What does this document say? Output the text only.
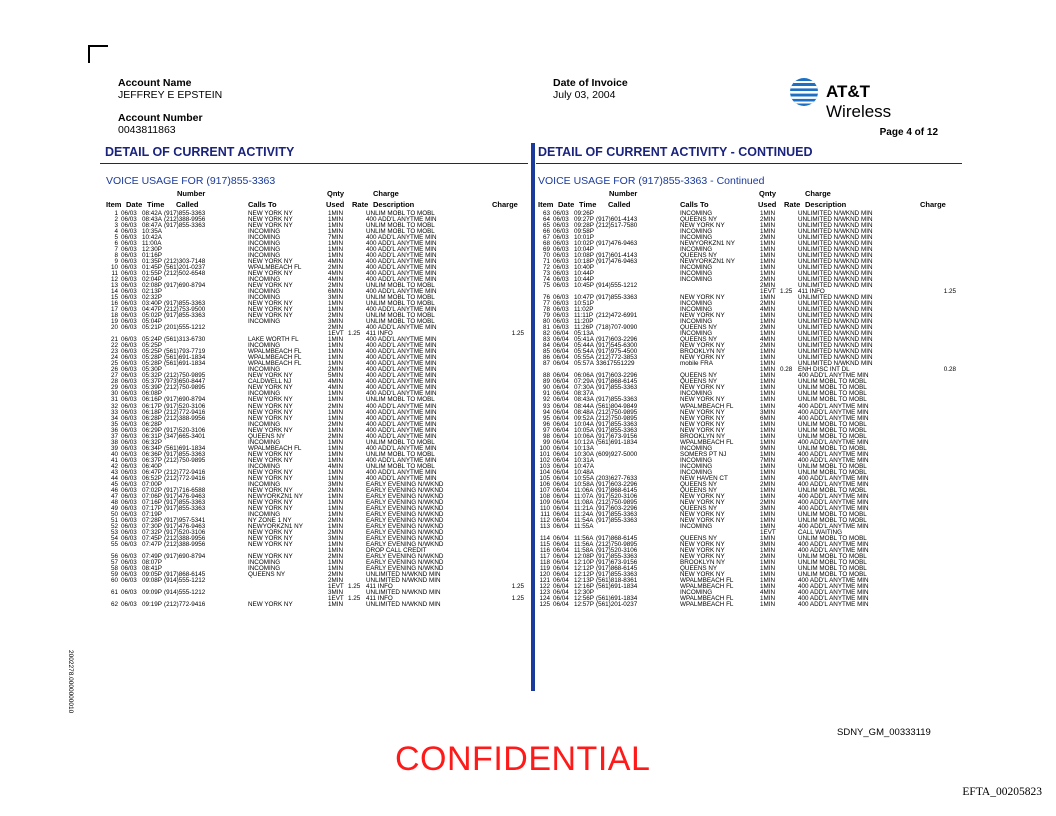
Account Name
JEFFREY E EPSTEIN
Account Number
0043811863
Date of Invoice
July 03, 2004	AT&T Wireless
Page 4 of 12
DETAIL OF CURRENT ACTIVITY	DETAIL OF CURRENT ACTIVITY - CONTINUED
VOICE USAGE FOR (917)855-3363	VOICE USAGE FOR (917)855-3363 - Continued
Number	Qnty	Charge
Item Date Time Called	Calls To	Used Rate Description	Charge
Number	Qnty	Charge
Item Date Time Called	Calls To	Used Rate Description	Charge
1 06/03 08:42A (917)855-3363	NEW YORK NY	1MIN	UNLIM MOBL TO MOBL
2 06/03 08:43A (212)388-9956	NEW YORK NY	1MIN	400 ADD'L ANYTME MIN
3 06/03 08:47A (917)855-3363	NEW YORK NY	1MIN	UNLIM MOBL TO MOBL
4 06/03 10:35A	INCOMING	1MIN	UNLIM MOBL TO MOBL
5 06/03 10:42A	INCOMING	7MIN	400 ADD'L ANYTME MIN
6 06/03 11:00A	INCOMING	1MIN	400 ADD'L ANYTME MIN
7 06/03 12:30P	INCOMING	1MIN	400 ADD'L ANYTME MIN
8 06/03 01:16P	INCOMING	1MIN	400 ADD'L ANYTME MIN
9 06/03 01:35P (212)303-7148	NEW YORK NY	4MIN	400 ADD'L ANYTME MIN
10 06/03 01:45P (561)201-0237	WPALMBEACH FL	2MIN	400 ADD'L ANYTME MIN
11 06/03 01:55P (212)502-6548	NEW YORK NY	4MIN	400 ADD'L ANYTME MIN
12 06/03 02:04P	INCOMING	4MIN	400 ADD'L ANYTME MIN
13 06/03 02:08P (917)690-8794	NEW YORK NY	2MIN	UNLIM MOBL TO MOBL
14 06/03 02:13P	INCOMING	6MIN	400 ADD'L ANYTME MIN
15 06/03 02:32P	INCOMING	3MIN	UNLIM MOBL TO MOBL
16 06/03 03:40P (917)855-3363	NEW YORK NY	1MIN	UNLIM MOBL TO MOBL
17 06/03 04:47P (212)753-9500	NEW YORK NY	1MIN	400 ADD'L ANYTME MIN
18 06/03 05:02P (917)855-3363	NEW YORK NY	2MIN	UNLIM MOBL TO MOBL
19 06/03 05:04P	INCOMING	3MIN	UNLIM MOBL TO MOBL
20 06/03 05:21P (201)555-1212	2MIN	400 ADD'L ANYTME MIN
1EVT 1.25 411 INFO	1.25
21 06/03 05:24P (561)313-6730	LAKE WORTH FL	1MIN	400 ADD'L ANYTME MIN
22 06/03 05:25P	INCOMING	1MIN	400 ADD'L ANYTME MIN
23 06/03 05:25P (561)793-7719	WPALMBEACH FL	1MIN	400 ADD'L ANYTME MIN
24 06/03 05:28P (561)691-1834	WPALMBEACH FL	1MIN	400 ADD'L ANYTME MIN
25 06/03 05:28P (561)691-1834	WPALMBEACH FL	1MIN	400 ADD'L ANYTME MIN
26 06/03 05:30P	INCOMING	2MIN	400 ADD'L ANYTME MIN
27 06/03 05:32P (212)750-9895	NEW YORK NY	5MIN	400 ADD'L ANYTME MIN
28 06/03 05:37P (973)650-8447	CALDWELL NJ	4MIN	400 ADD'L ANYTME MIN
29 06/03 05:39P (212)750-9895	NEW YORK NY	4MIN	400 ADD'L ANYTME MIN
30 06/03 06:08P	INCOMING	1MIN	400 ADD'L ANYTME MIN
31 06/03 06:16P (917)690-8794	NEW YORK NY	1MIN	UNLIM MOBL TO MOBL
32 06/03 06:17P (917)520-3106	NEW YORK NY	2MIN	400 ADD'L ANYTME MIN
33 06/03 06:18P (212)772-9416	NEW YORK NY	1MIN	400 ADD'L ANYTME MIN
34 06/03 06:28P (212)388-9956	NEW YORK NY	1MIN	400 ADD'L ANYTME MIN
35 06/03 06:28P	INCOMING	2MIN	400 ADD'L ANYTME MIN
36 06/03 06:29P (917)520-3106	NEW YORK NY	1MIN	400 ADD'L ANYTME MIN
37 06/03 06:31P (347)665-3401	QUEENS NY	2MIN	400 ADD'L ANYTME MIN
38 06/03 06:32P	INCOMING	1MIN	UNLIM MOBL TO MOBL
39 06/03 06:34P (561)691-1834	WPALMBEACH FL	1MIN	400 ADD'L ANYTME MIN
40 06/03 06:36P (917)855-3363	NEW YORK NY	1MIN	UNLIM MOBL TO MOBL
41 06/03 06:37P (212)750-9895	NEW YORK NY	1MIN	400 ADD'L ANYTME MIN
42 06/03 06:40P	INCOMING	4MIN	UNLIM MOBL TO MOBL
43 06/03 06:47P (212)772-9416	NEW YORK NY	1MIN	400 ADD'L ANYTME MIN
44 06/03 06:52P (212)772-9416	NEW YORK NY	1MIN	400 ADD'L ANYTME MIN
45 06/03 07:00P	INCOMING	3MIN	EARLY EVENING N/WKND
46 06/03 07:02P (917)716-6588	NEW YORK NY	2MIN	EARLY EVENING N/WKND
47 06/03 07:06P (917)476-9463	NEWYORKZN1 NY	1MIN	EARLY EVENING N/WKND
48 06/03 07:16P (917)855-3363	NEW YORK NY	1MIN	EARLY EVENING N/WKND
49 06/03 07:17P (917)855-3363	NEW YORK NY	1MIN	EARLY EVENING N/WKND
50 06/03 07:19P	INCOMING	1MIN	EARLY EVENING N/WKND
51 06/03 07:28P (917)957-5341	NY ZONE 1 NY	2MIN	EARLY EVENING N/WKND
52 06/03 07:30P (917)476-9463	NEWYORKZN1 NY	1MIN	EARLY EVENING N/WKND
53 06/03 07:32P (917)520-3106	NEW YORK NY	2MIN	EARLY EVENING N/WKND
54 06/03 07:45P (212)388-9956	NEW YORK NY	3MIN	EARLY EVENING N/WKND
55 06/03 07:47P (212)388-9956	NEW YORK NY	1MIN	EARLY EVENING N/WKND
1MIN	DROP CALL CREDIT
56 06/03 07:49P (917)690-8794	NEW YORK NY	2MIN	EARLY EVENING N/WKND
57 06/03 08:07P	INCOMING	1MIN	EARLY EVENING N/WKND
58 06/03 08:41P	INCOMING	1MIN	EARLY EVENING N/WKND
59 06/03 09:05P (917)868-6145	QUEENS NY	2MIN	UNLIMITED N/WKND MIN
60 06/03 09:08P (914)555-1212	2MIN	UNLIMITED N/WKND MIN
1EVT 1.25 411 INFO	1.25
61 06/03 09:09P (914)555-1212	3MIN	UNLIMITED N/WKND MIN
1EVT 1.25 411 INFO	1.25
62 06/03 09:19P (212)772-9416	NEW YORK NY	1MIN	UNLIMITED N/WKND MIN
63 06/03 09:26P	INCOMING	1MIN	UNLIMITED N/WKND MIN
64 06/03 09:27P (917)601-4143	QUEENS NY	2MIN	UNLIMITED N/WKND MIN
65 06/03 09:28P (212)517-7580	NEW YORK NY	1MIN	UNLIMITED N/WKND MIN
66 06/03 09:58P	INCOMING	1MIN	UNLIMITED N/WKND MIN
67 06/03 10:01P	INCOMING	2MIN	UNLIMITED N/WKND MIN
68 06/03 10:02P (917)476-9463	NEWYORKZN1 NY	1MIN	UNLIMITED N/WKND MIN
69 06/03 10:04P	INCOMING	1MIN	UNLIMITED N/WKND MIN
70 06/03 10:08P (917)601-4143	QUEENS NY	1MIN	UNLIMITED N/WKND MIN
71 06/03 10:18P (917)476-9463	NEWYORKZN1 NY	1MIN	UNLIMITED N/WKND MIN
72 06/03 10:40P	INCOMING	1MIN	UNLIMITED N/WKND MIN
73 06/03 10:44P	INCOMING	1MIN	UNLIMITED N/WKND MIN
74 06/03 10:44P	INCOMING	2MIN	UNLIMITED N/WKND MIN
75 06/03 10:45P (914)555-1212	2MIN	UNLIMITED N/WKND MIN
1EVT 1.25 411 INFO	1.25
76 06/03 10:47P (917)855-3363	NEW YORK NY	1MIN	UNLIMITED N/WKND MIN
77 06/03 10:51P	INCOMING	2MIN	UNLIMITED N/WKND MIN
78 06/03 11:02P	INCOMING	4MIN	UNLIMITED N/WKND MIN
79 06/03 11:11P (212)472-6991	NEW YORK NY	1MIN	UNLIMITED N/WKND MIN
80 06/03 11:20P	INCOMING	1MIN	UNLIMITED N/WKND MIN
81 06/03 11:26P (718)707-9090	QUEENS NY	2MIN	UNLIMITED N/WKND MIN
82 06/04 05:13A	INCOMING	1MIN	UNLIMITED N/WKND MIN
83 06/04 05:41A (917)603-2296	QUEENS NY	4MIN	UNLIMITED N/WKND MIN
84 06/04 05:44A (917)545-6300	NEW YORK NY	2MIN	UNLIMITED N/WKND MIN
85 06/04 05:54A (917)975-4500	BROOKLYN NY	1MIN	UNLIMITED N/WKND MIN
86 06/04 05:55A (212)772-3853	NEW YORK NY	1MIN	UNLIMITED N/WKND MIN
87 06/04 05:57A 33617551229	mobile FRA	1MIN	UNLIMITED N/WKND MIN
1MIN 0.28 ENH DISC INT DL	0.28
88 06/04 06:06A (917)603-2296	QUEENS NY	1MIN	400 ADD'L ANYTME MIN
89 06/04 07:29A (917)868-6145	QUEENS NY	1MIN	UNLIM MOBL TO MOBL
90 06/04 07:30A (917)855-3363	NEW YORK NY	1MIN	UNLIM MOBL TO MOBL
91 06/04 08:37A	INCOMING	1MIN	UNLIM MOBL TO MOBL
92 06/04 08:43A (917)855-3363	NEW YORK NY	1MIN	UNLIM MOBL TO MOBL
93 06/04 08:44A (561)804-9849	WPALMBEACH FL	1MIN	400 ADD'L ANYTME MIN
94 06/04 08:48A (212)750-9895	NEW YORK NY	3MIN	400 ADD'L ANYTME MIN
95 06/04 09:52A (212)750-9895	NEW YORK NY	6MIN	400 ADD'L ANYTME MIN
96 06/04 10:04A (917)855-3363	NEW YORK NY	1MIN	UNLIM MOBL TO MOBL
97 06/04 10:05A (917)855-3363	NEW YORK NY	1MIN	UNLIM MOBL TO MOBL
98 06/04 10:06A (917)673-9156	BROOKLYN NY	1MIN	UNLIM MOBL TO MOBL
99 06/04 10:12A (561)691-1834	WPALMBEACH FL	1MIN	400 ADD'L ANYTME MIN
100 06/04 10:13A	INCOMING	9MIN	UNLIM MOBL TO MOBL
101 06/04 10:30A (609)927-5000	SOMERS PT NJ	1MIN	400 ADD'L ANYTME MIN
102 06/04 10:31A	INCOMING	7MIN	400 ADD'L ANYTME MIN
103 06/04 10:47A	INCOMING	1MIN	UNLIM MOBL TO MOBL
104 06/04 10:48A	INCOMING	1MIN	UNLIM MOBL TO MOBL
105 06/04 10:55A (203)627-7633	NEW HAVEN CT	1MIN	400 ADD'L ANYTME MIN
106 06/04 10:58A (917)603-2296	QUEENS NY	2MIN	400 ADD'L ANYTME MIN
107 06/04 11:06A (917)868-6145	QUEENS NY	1MIN	UNLIM MOBL TO MOBL
108 06/04 11:07A (917)520-3106	NEW YORK NY	1MIN	400 ADD'L ANYTME MIN
109 06/04 11:08A (212)750-9895	NEW YORK NY	2MIN	400 ADD'L ANYTME MIN
110 06/04 11:21A (917)603-2296	QUEENS NY	3MIN	400 ADD'L ANYTME MIN
111 06/04 11:24A (917)855-3363	NEW YORK NY	1MIN	UNLIM MOBL TO MOBL
112 06/04 11:54A (917)855-3363	NEW YORK NY	1MIN	UNLIM MOBL TO MOBL
113 06/04 11:55A	INCOMING	1MIN	400 ADD'L ANYTME MIN
1EVT	CALL WAITING
114 06/04 11:56A (917)868-6145	QUEENS NY	1MIN	UNLIM MOBL TO MOBL
115 06/04 11:56A (212)750-9895	NEW YORK NY	3MIN	400 ADD'L ANYTME MIN
116 06/04 11:58A (917)520-3106	NEW YORK NY	1MIN	400 ADD'L ANYTME MIN
117 06/04 12:08P (917)855-3363	NEW YORK NY	2MIN	UNLIM MOBL TO MOBL
118 06/04 12:10P (917)673-9156	BROOKLYN NY	1MIN	UNLIM MOBL TO MOBL
119 06/04 12:12P (917)868-6145	QUEENS NY	1MIN	UNLIM MOBL TO MOBL
120 06/04 12:12P (917)855-3363	NEW YORK NY	1MIN	UNLIM MOBL TO MOBL
121 06/04 12:13P (561)818-8361	WPALMBEACH FL	1MIN	400 ADD'L ANYTME MIN
122 06/04 12:16P (561)691-1834	WPALMBEACH FL	1MIN	400 ADD'L ANYTME MIN
123 06/04 12:30P	INCOMING	4MIN	400 ADD'L ANYTME MIN
124 06/04 12:56P (561)691-1834	WPALMBEACH FL	1MIN	400 ADD'L ANYTME MIN
125 06/04 12:57P (561)201-0237	WPALMBEACH FL	1MIN	400 ADD'L ANYTME MIN
2002278.0000000010
SDNY_GM_00333119
CONFIDENTIAL
EFTA_00205823
